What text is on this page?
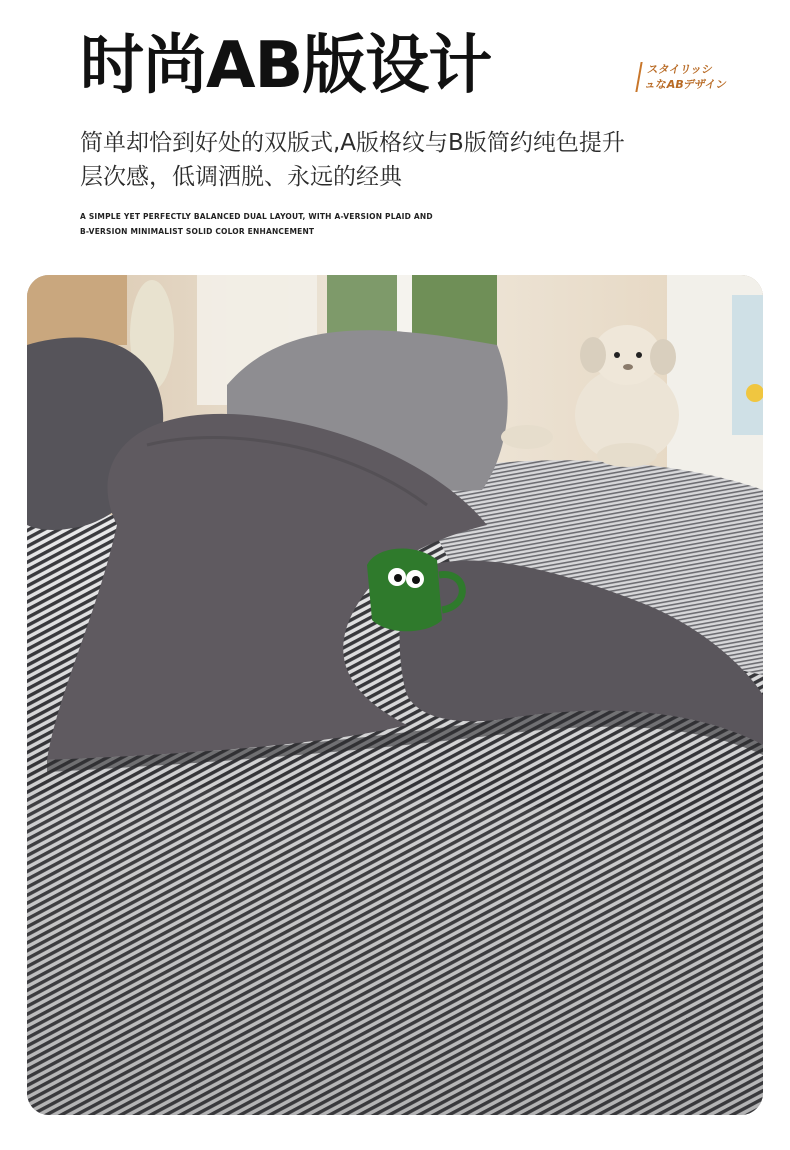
时尚AB版设计	スタイリッシ
ュなABデザイン
简单却恰到好处的双版式,A版格纹与B版简约纯色提升
层次感，低调洒脱、永远的经典
A SIMPLE YET PERFECTLY BALANCED DUAL LAYOUT, WITH A-VERSION PLAID AND
B-VERSION MINIMALIST SOLID COLOR ENHANCEMENT
